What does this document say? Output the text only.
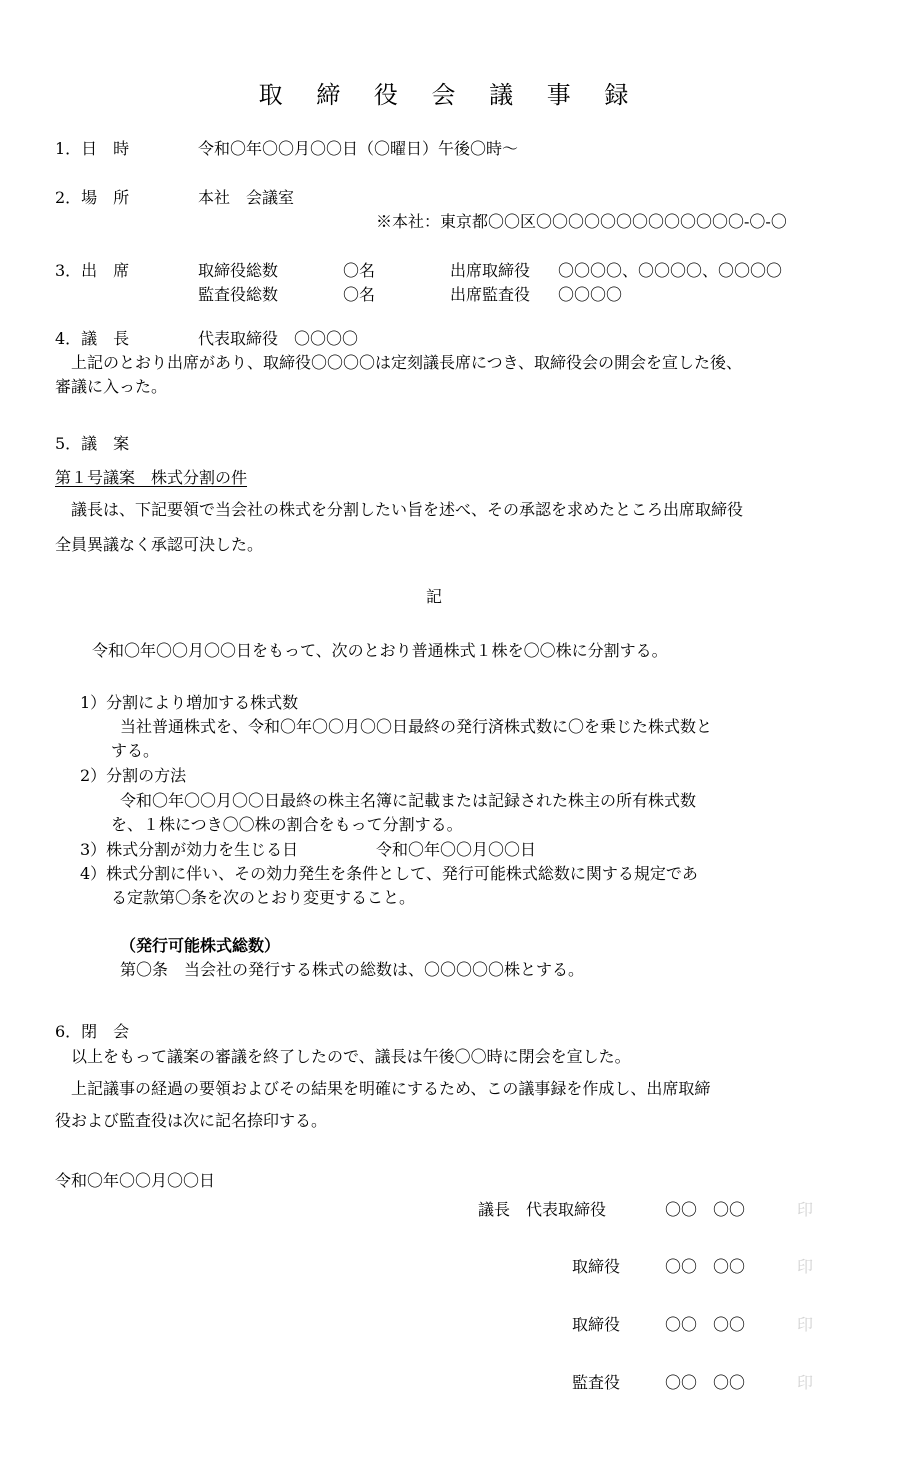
取 締 役 会 議 事 録
1．日　時	令和〇年〇〇月〇〇日（〇曜日）午後〇時～
2．場　所	本社　会議室
※本社：東京都〇〇区〇〇〇〇〇〇〇〇〇〇〇〇〇-〇-〇
3．出　席	取締役総数	〇名	出席取締役 〇〇〇〇、〇〇〇〇、〇〇〇〇
監査役総数	〇名	出席監査役 〇〇〇〇
4．議　長	代表取締役　〇〇〇〇
上記のとおり出席があり、取締役〇〇〇〇は定刻議長席につき、取締役会の開会を宣した後、
審議に入った。
5．議　案
第１号議案　株式分割の件
議長は、下記要領で当会社の株式を分割したい旨を述べ、その承認を求めたところ出席取締役
全員異議なく承認可決した。
記
令和〇年〇〇月〇〇日をもって、次のとおり普通株式１株を〇〇株に分割する。
1）分割により増加する株式数
当社普通株式を、令和〇年〇〇月〇〇日最終の発行済株式数に〇を乗じた株式数と
する。
2）分割の方法
令和〇年〇〇月〇〇日最終の株主名簿に記載または記録された株主の所有株式数
を、１株につき〇〇株の割合をもって分割する。
3）株式分割が効力を生じる日	令和〇年〇〇月〇〇日
4）株式分割に伴い、その効力発生を条件として、発行可能株式総数に関する規定であ
る定款第〇条を次のとおり変更すること。
（発行可能株式総数）
第〇条　当会社の発行する株式の総数は、〇〇〇〇〇株とする。
6．閉　会
以上をもって議案の審議を終了したので、議長は午後〇〇時に閉会を宣した。
上記議事の経過の要領およびその結果を明確にするため、この議事録を作成し、出席取締
役および監査役は次に記名捺印する。
令和〇年〇〇月〇〇日
議長　代表取締役	〇〇　〇〇	印
取締役	〇〇　〇〇	印
取締役	〇〇　〇〇	印
監査役	〇〇　〇〇	印
